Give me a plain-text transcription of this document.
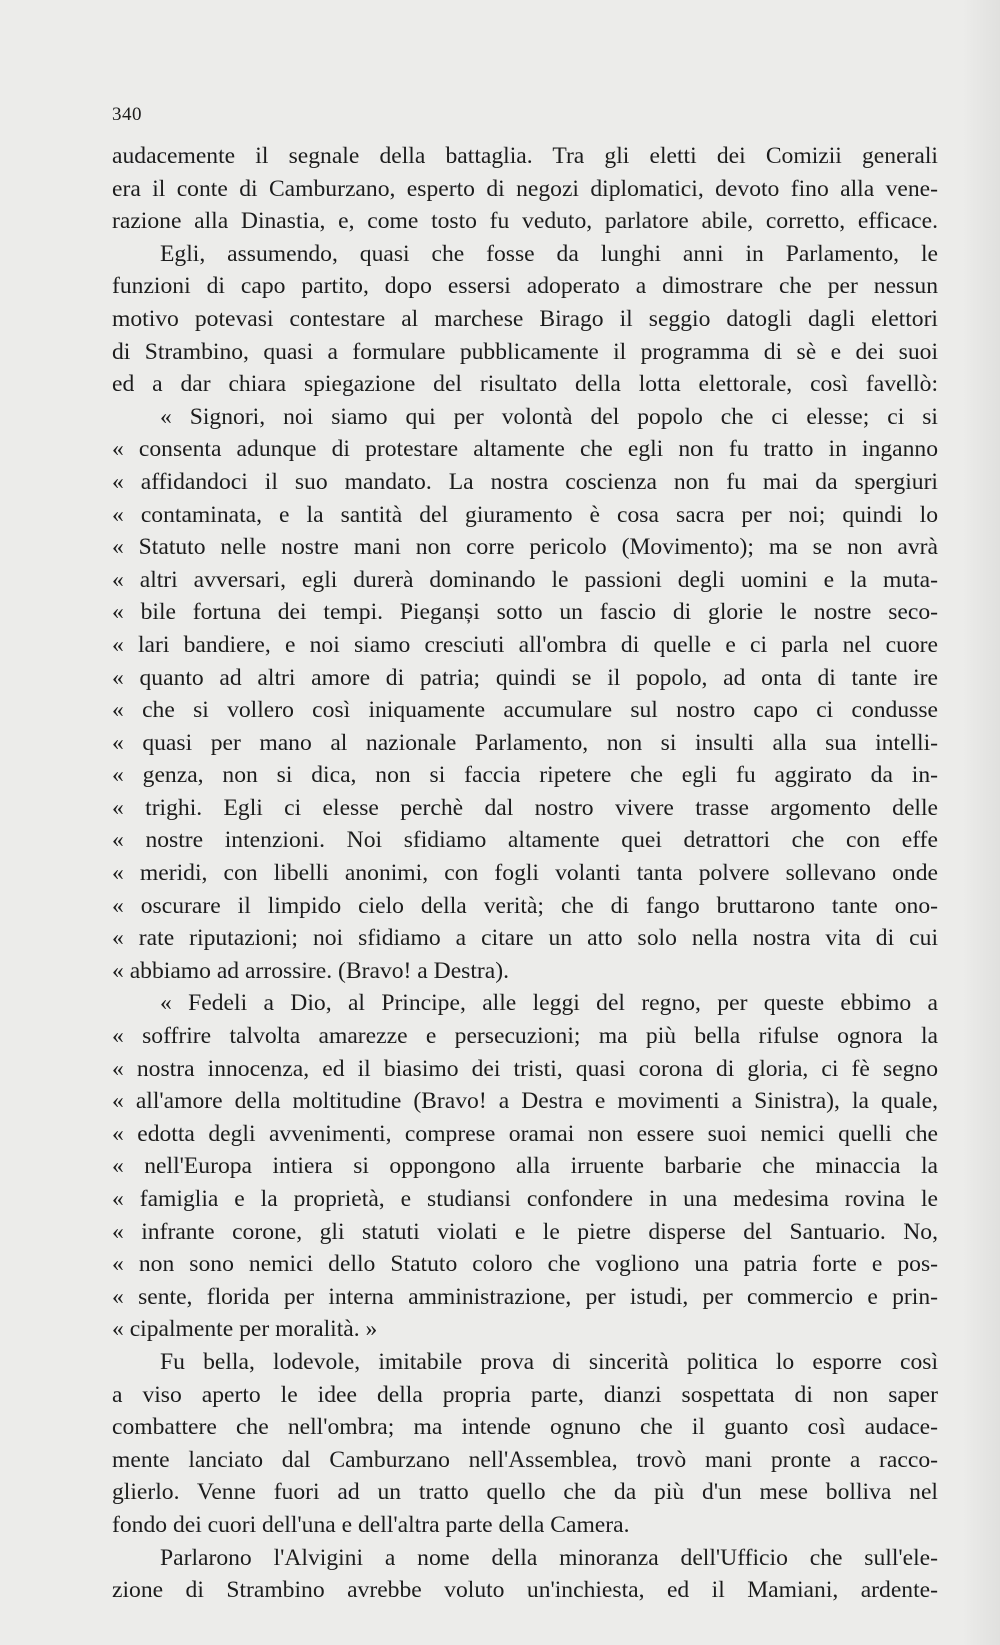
340
audacemente il segnale della battaglia. Tra gli eletti dei Comizii generali
era il conte di Camburzano, esperto di negozi diplomatici, devoto fino alla vene-
razione alla Dinastia, e, come tosto fu veduto, parlatore abile, corretto, efficace.
Egli, assumendo, quasi che fosse da lunghi anni in Parlamento, le
funzioni di capo partito, dopo essersi adoperato a dimostrare che per nessun
motivo potevasi contestare al marchese Birago il seggio datogli dagli elettori
di Strambino, quasi a formulare pubblicamente il programma di sè e dei suoi
ed a dar chiara spiegazione del risultato della lotta elettorale, così favellò:
« Signori, noi siamo qui per volontà del popolo che ci elesse; ci si
« consenta adunque di protestare altamente che egli non fu tratto in inganno
« affidandoci il suo mandato. La nostra coscienza non fu mai da spergiuri
« contaminata, e la santità del giuramento è cosa sacra per noi; quindi lo
« Statuto nelle nostre mani non corre pericolo (Movimento); ma se non avrà
« altri avversari, egli durerà dominando le passioni degli uomini e la muta-
« bile fortuna dei tempi. Pieganși sotto un fascio di glorie le nostre seco-
« lari bandiere, e noi siamo cresciuti all'ombra di quelle e ci parla nel cuore
« quanto ad altri amore di patria; quindi se il popolo, ad onta di tante ire
« che si vollero così iniquamente accumulare sul nostro capo ci condusse
« quasi per mano al nazionale Parlamento, non si insulti alla sua intelli-
« genza, non si dica, non si faccia ripetere che egli fu aggirato da in-
« trighi. Egli ci elesse perchè dal nostro vivere trasse argomento delle
« nostre intenzioni. Noi sfidiamo altamente quei detrattori che con effe
« meridi, con libelli anonimi, con fogli volanti tanta polvere sollevano onde
« oscurare il limpido cielo della verità; che di fango bruttarono tante ono-
« rate riputazioni; noi sfidiamo a citare un atto solo nella nostra vita di cui
« abbiamo ad arrossire. (Bravo! a Destra).
« Fedeli a Dio, al Principe, alle leggi del regno, per queste ebbimo a
« soffrire talvolta amarezze e persecuzioni; ma più bella rifulse ognora la
« nostra innocenza, ed il biasimo dei tristi, quasi corona di gloria, ci fè segno
« all'amore della moltitudine (Bravo! a Destra e movimenti a Sinistra), la quale,
« edotta degli avvenimenti, comprese oramai non essere suoi nemici quelli che
« nell'Europa intiera si oppongono alla irruente barbarie che minaccia la
« famiglia e la proprietà, e studiansi confondere in una medesima rovina le
« infrante corone, gli statuti violati e le pietre disperse del Santuario. No,
« non sono nemici dello Statuto coloro che vogliono una patria forte e pos-
« sente, florida per interna amministrazione, per istudi, per commercio e prin-
« cipalmente per moralità. »
Fu bella, lodevole, imitabile prova di sincerità politica lo esporre così
a viso aperto le idee della propria parte, dianzi sospettata di non saper
combattere che nell'ombra; ma intende ognuno che il guanto così audace-
mente lanciato dal Camburzano nell'Assemblea, trovò mani pronte a racco-
glierlo. Venne fuori ad un tratto quello che da più d'un mese bolliva nel
fondo dei cuori dell'una e dell'altra parte della Camera.
Parlarono l'Alvigini a nome della minoranza dell'Ufficio che sull'ele-
zione di Strambino avrebbe voluto un'inchiesta, ed il Mamiani, ardente-
